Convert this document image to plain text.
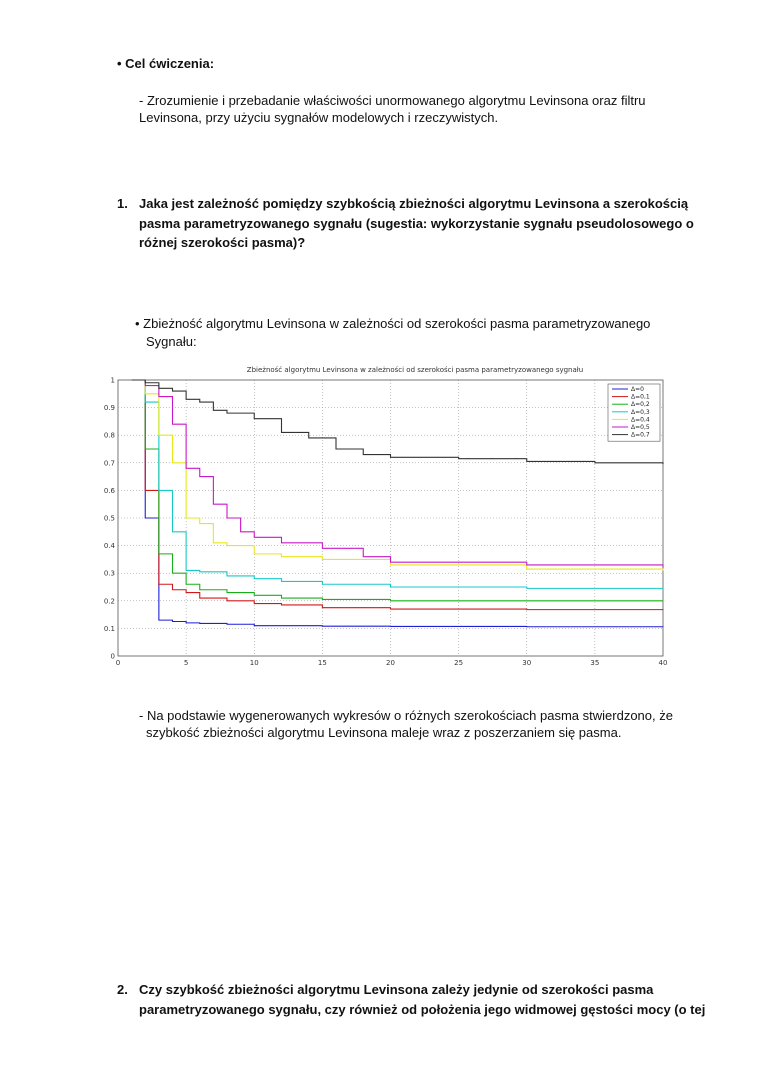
• Cel ćwiczenia:
- Zrozumienie i przebadanie właściwości unormowanego algorytmu Levinsona oraz filtru
Levinsona, przy użyciu sygnałów modelowych i rzeczywistych.
1. Jaka jest zależność pomiędzy szybkością zbieżności algorytmu Levinsona a szerokością
pasma parametryzowanego sygnału (sugestia: wykorzystanie sygnału pseudolosowego o
różnej szerokości pasma)?
• Zbieżność algorytmu Levinsona w zależności od szerokości pasma parametryzowanego
Sygnału:
Zbieżność algorytmu Levinsona w zależności od szerokości pasma parametryzowanego sygnału
0	5	10	15	20	25	30	35	40
0
0.1
0.2
0.3
0.4
0.5
0.6
0.7
0.8
0.9
1
Δ=0
Δ=0,1
Δ=0,2
Δ=0,3
Δ=0,4
Δ=0,5
Δ=0,7
- Na podstawie wygenerowanych wykresów o różnych szerokościach pasma stwierdzono, że
szybkość zbieżności algorytmu Levinsona maleje wraz z poszerzaniem się pasma.
2. Czy szybkość zbieżności algorytmu Levinsona zależy jedynie od szerokości pasma
parametryzowanego sygnału, czy również od położenia jego widmowej gęstości mocy (o tej
